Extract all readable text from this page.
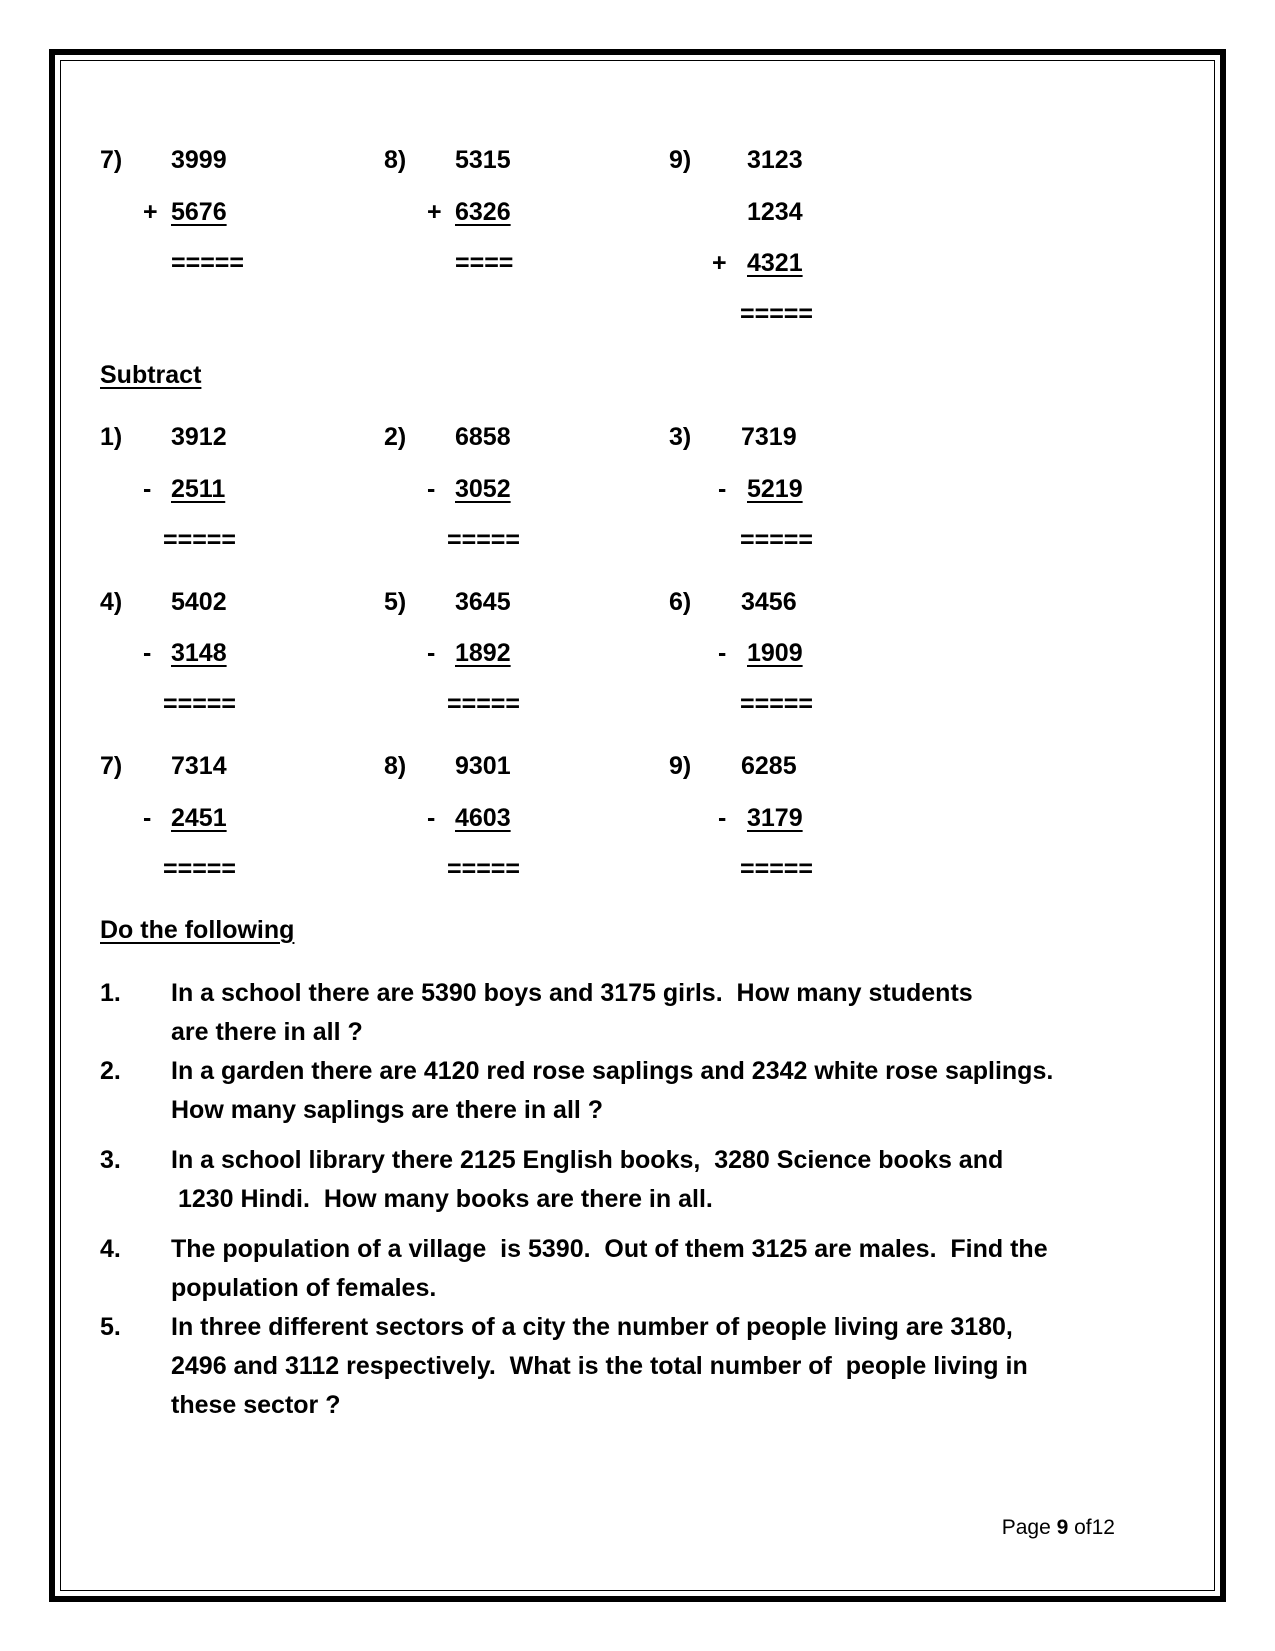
7) 3999
+ 5676
=====
8) 5315
+ 6326
====
9) 3123
1234
+ 4321
=====
Subtract
1) 3912
- 2511
=====
2) 6858
- 3052
=====
3) 7319
- 5219
=====
4) 5402
- 3148
=====
5) 3645
- 1892
=====
6) 3456
- 1909
=====
7) 7314
- 2451
=====
8) 9301
- 4603
=====
9) 6285
- 3179
=====
Do the following
1. In a school there are 5390 boys and 3175 girls.  How many students
are there in all ?
2. In a garden there are 4120 red rose saplings and 2342 white rose saplings.
How many saplings are there in all ?
3. In a school library there 2125 English books,  3280 Science books and
1230 Hindi.  How many books are there in all.
4. The population of a village  is 5390.  Out of them 3125 are males.  Find the
population of females.
5. In three different sectors of a city the number of people living are 3180,
2496 and 3112 respectively.  What is the total number of  people living in
these sector ?
Page 9 of12
